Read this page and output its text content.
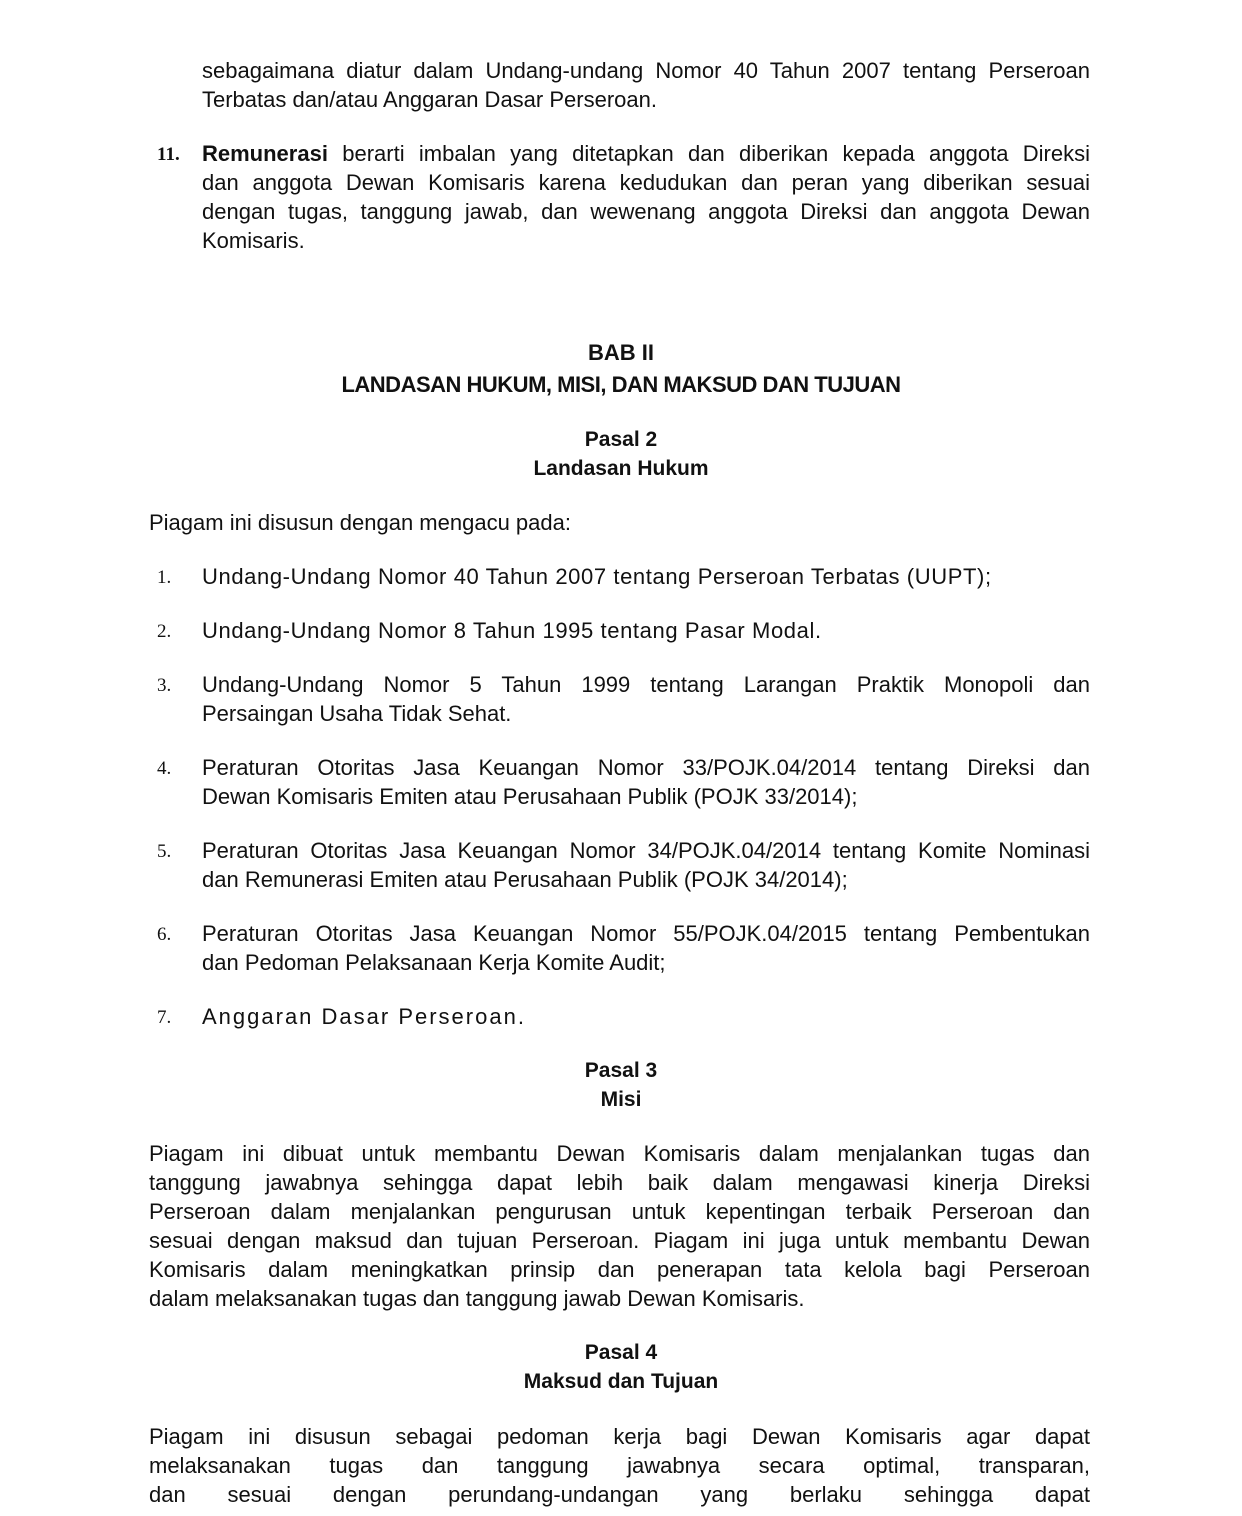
sebagaimana diatur dalam Undang-undang Nomor 40 Tahun 2007 tentang Perseroan
Terbatas dan/atau Anggaran Dasar Perseroan.
11.	Remunerasi berarti imbalan yang ditetapkan dan diberikan kepada anggota Direksi
dan anggota Dewan Komisaris karena kedudukan dan peran yang diberikan sesuai
dengan tugas, tanggung jawab, dan wewenang anggota Direksi dan anggota Dewan
Komisaris.
BAB II
LANDASAN HUKUM, MISI, DAN MAKSUD DAN TUJUAN
Pasal 2
Landasan Hukum
Piagam ini disusun dengan mengacu pada:
1.	Undang-Undang Nomor 40 Tahun 2007 tentang Perseroan Terbatas (UUPT);
2.	Undang-Undang Nomor 8 Tahun 1995 tentang Pasar Modal.
3.	Undang-Undang Nomor 5 Tahun 1999 tentang Larangan Praktik Monopoli dan
Persaingan Usaha Tidak Sehat.
4.	Peraturan Otoritas Jasa Keuangan Nomor 33/POJK.04/2014 tentang Direksi dan
Dewan Komisaris Emiten atau Perusahaan Publik (POJK 33/2014);
5.	Peraturan Otoritas Jasa Keuangan Nomor 34/POJK.04/2014 tentang Komite Nominasi
dan Remunerasi Emiten atau Perusahaan Publik (POJK 34/2014);
6.	Peraturan Otoritas Jasa Keuangan Nomor 55/POJK.04/2015 tentang Pembentukan
dan Pedoman Pelaksanaan Kerja Komite Audit;
7.	Anggaran Dasar Perseroan.
Pasal 3
Misi
Piagam ini dibuat untuk membantu Dewan Komisaris dalam menjalankan tugas dan
tanggung jawabnya sehingga dapat lebih baik dalam mengawasi kinerja Direksi
Perseroan dalam menjalankan pengurusan untuk kepentingan terbaik Perseroan dan
sesuai dengan maksud dan tujuan Perseroan. Piagam ini juga untuk membantu Dewan
Komisaris dalam meningkatkan prinsip dan penerapan tata kelola bagi Perseroan
dalam melaksanakan tugas dan tanggung jawab Dewan Komisaris.
Pasal 4
Maksud dan Tujuan
Piagam ini disusun sebagai pedoman kerja bagi Dewan Komisaris agar dapat
melaksanakan tugas dan tanggung jawabnya secara optimal, transparan,
dan sesuai dengan perundang-undangan yang berlaku sehingga dapat
